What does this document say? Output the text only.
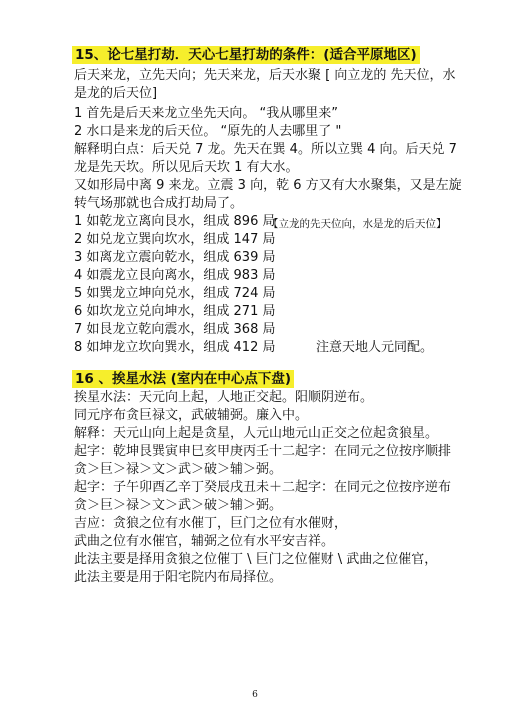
15、论七星打劫．天心七星打劫的条件：(适合平原地区)
后天来龙，立先天向；先天来龙，后天水聚 [ 向立龙的 先天位，水
是龙的后天位]
1 首先是后天来龙立坐先天向。 “我从哪里来”
2 水口是来龙的后天位。 “原先的人去哪里了 "
解释明白点：后天兑 7 龙。先天在巽 4。所以立巽 4 向。后天兑 7
龙是先天坎。所以见后天坎 1 有大水。
又如形局中离 9 来龙。立震 3 向，乾 6 方又有大水聚集，又是左旋
转气场那就也合成打劫局了。
1 如乾龙立离向艮水，组成 896 局
【立龙的先天位向，水是龙的后天位】
2 如兑龙立巽向坎水，组成 147 局
3 如离龙立震向乾水，组成 639 局
4 如震龙立艮向离水，组成 983 局
5 如巽龙立坤向兑水，组成 724 局
6 如坎龙立兑向坤水，组成 271 局
7 如艮龙立乾向震水，组成 368 局
8 如坤龙立坎向巽水，组成 412 局	注意天地人元同配。
16 、挨星水法 (室内在中心点下盘)
挨星水法：天元向上起，人地正交起。阳顺阴逆布。
同元序布贪巨禄文，武破辅弼。廉入中。
解释：天元山向上起是贪星，人元山地元山正交之位起贪狼星。
起字：乾坤艮巽寅申巳亥甲庚丙壬十二起字：在同元之位按序顺排
贪＞巨＞禄＞文＞武＞破＞辅＞弼。
起字：子午卯酉乙辛丁癸辰戌丑未＋二起字：在同元之位按序逆布
贪＞巨＞禄＞文＞武＞破＞辅＞弼。
吉应：贪狼之位有水催丁，巨门之位有水催财，
武曲之位有水催官，辅弼之位有水平安吉祥。
此法主要是择用贪狼之位催丁 \ 巨门之位催财 \ 武曲之位催官，
此法主要是用于阳宅院内布局择位。
6
